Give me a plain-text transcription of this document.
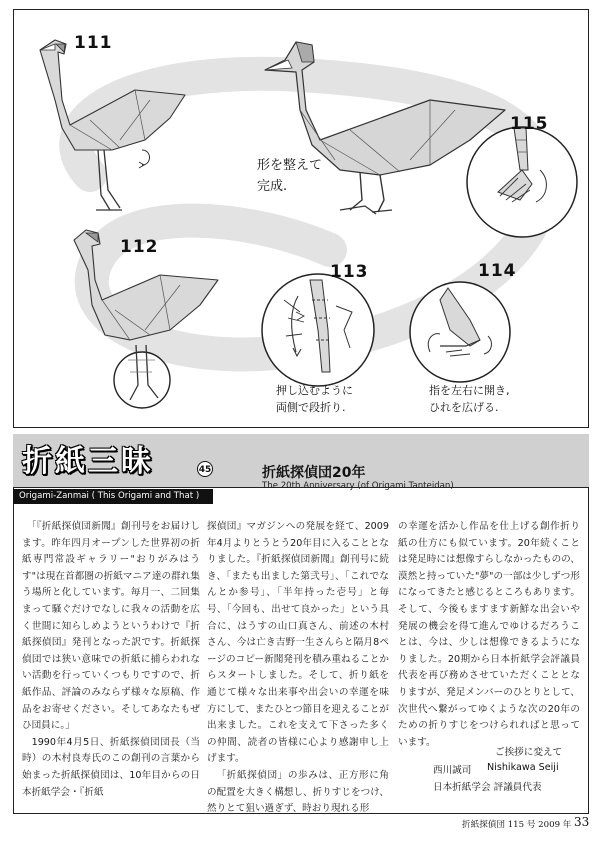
111
112
113	114
115
形を整えて
完成.
押し込むように
両側で段折り.
指を左右に開き,
ひれを広げる.
折紙三昧	45
Origami-Zanmai ( This Origami and That )
折紙探偵団20年
The 20th Anniversary (of Origami Tanteidan)

「『折紙探偵団新聞』創刊号をお届けします。昨年四月オープンした世界初の折紙専門常設ギャラリー"おりがみはうす"は現在首都圏の折紙マニア達の群れ集う場所と化しています。毎月一、二回集まって騒ぐだけでなしに我々の活動を広く世間に知らしめようというわけで『折紙探偵団』発刊となった訳です。折紙探偵団では狭い意味での折紙に捕らわれない活動を行っていくつもりですので、折紙作品、評論のみならず様々な原稿、作品をお寄せください。そしてあなたもぜひ団員に。」

1990年4月5日、折紙探偵団団長（当時）の木村良寿氏のこの創刊の言葉から始まった折紙探偵団は、10年目からの日本折紙学会・『折紙

探偵団』マガジンへの発展を経て、2009年4月よりとうとう20年目に入ることとなりました。『折紙探偵団新聞』創刊号に続き、「またも出ました第弐号」、「これでなんとか参号」、「半年持った壱号」と毎号、「今回も、出せて良かった」という具合に、はうすの山口真さん、前述の木村さん、今は亡き吉野一生さんらと隔月8ページのコピー新聞発刊を積み重ねることからスタートしました。そして、折り紙を通じて様々な出来事や出会いの幸運を味方にして、またひとつ節目を迎えることが出来ました。これを支えて下さった多くの仲間、読者の皆様に心より感謝申し上げます。

「折紙探偵団」の歩みは、正方形に角の配置を大きく構想し、折りすじをつけ、然りとて狙い過ぎず、時おり現れる形

の幸運を活かし作品を仕上げる創作折り紙の仕方にも似ています。20年続くことは発足時には想像すらしなかったものの、漠然と持っていた"夢"の一部は少しずつ形になってきたと感じるところもあります。そして、今後もますます新鮮な出会いや発展の機会を得て進んでゆけるだろうことは、今は、少しは想像できるようになりました。20期から日本折紙学会評議員代表を再び務めさせていただくこととなりますが、発足メンバーのひとりとして、次世代へ繋がってゆくような次の20年のための折りすじをつけられればと思っています。

ご挨拶に変えて
西川誠司 Nishikawa Seiji
日本折紙学会 評議員代表
折紙探偵団 115 号 2009 年 33
